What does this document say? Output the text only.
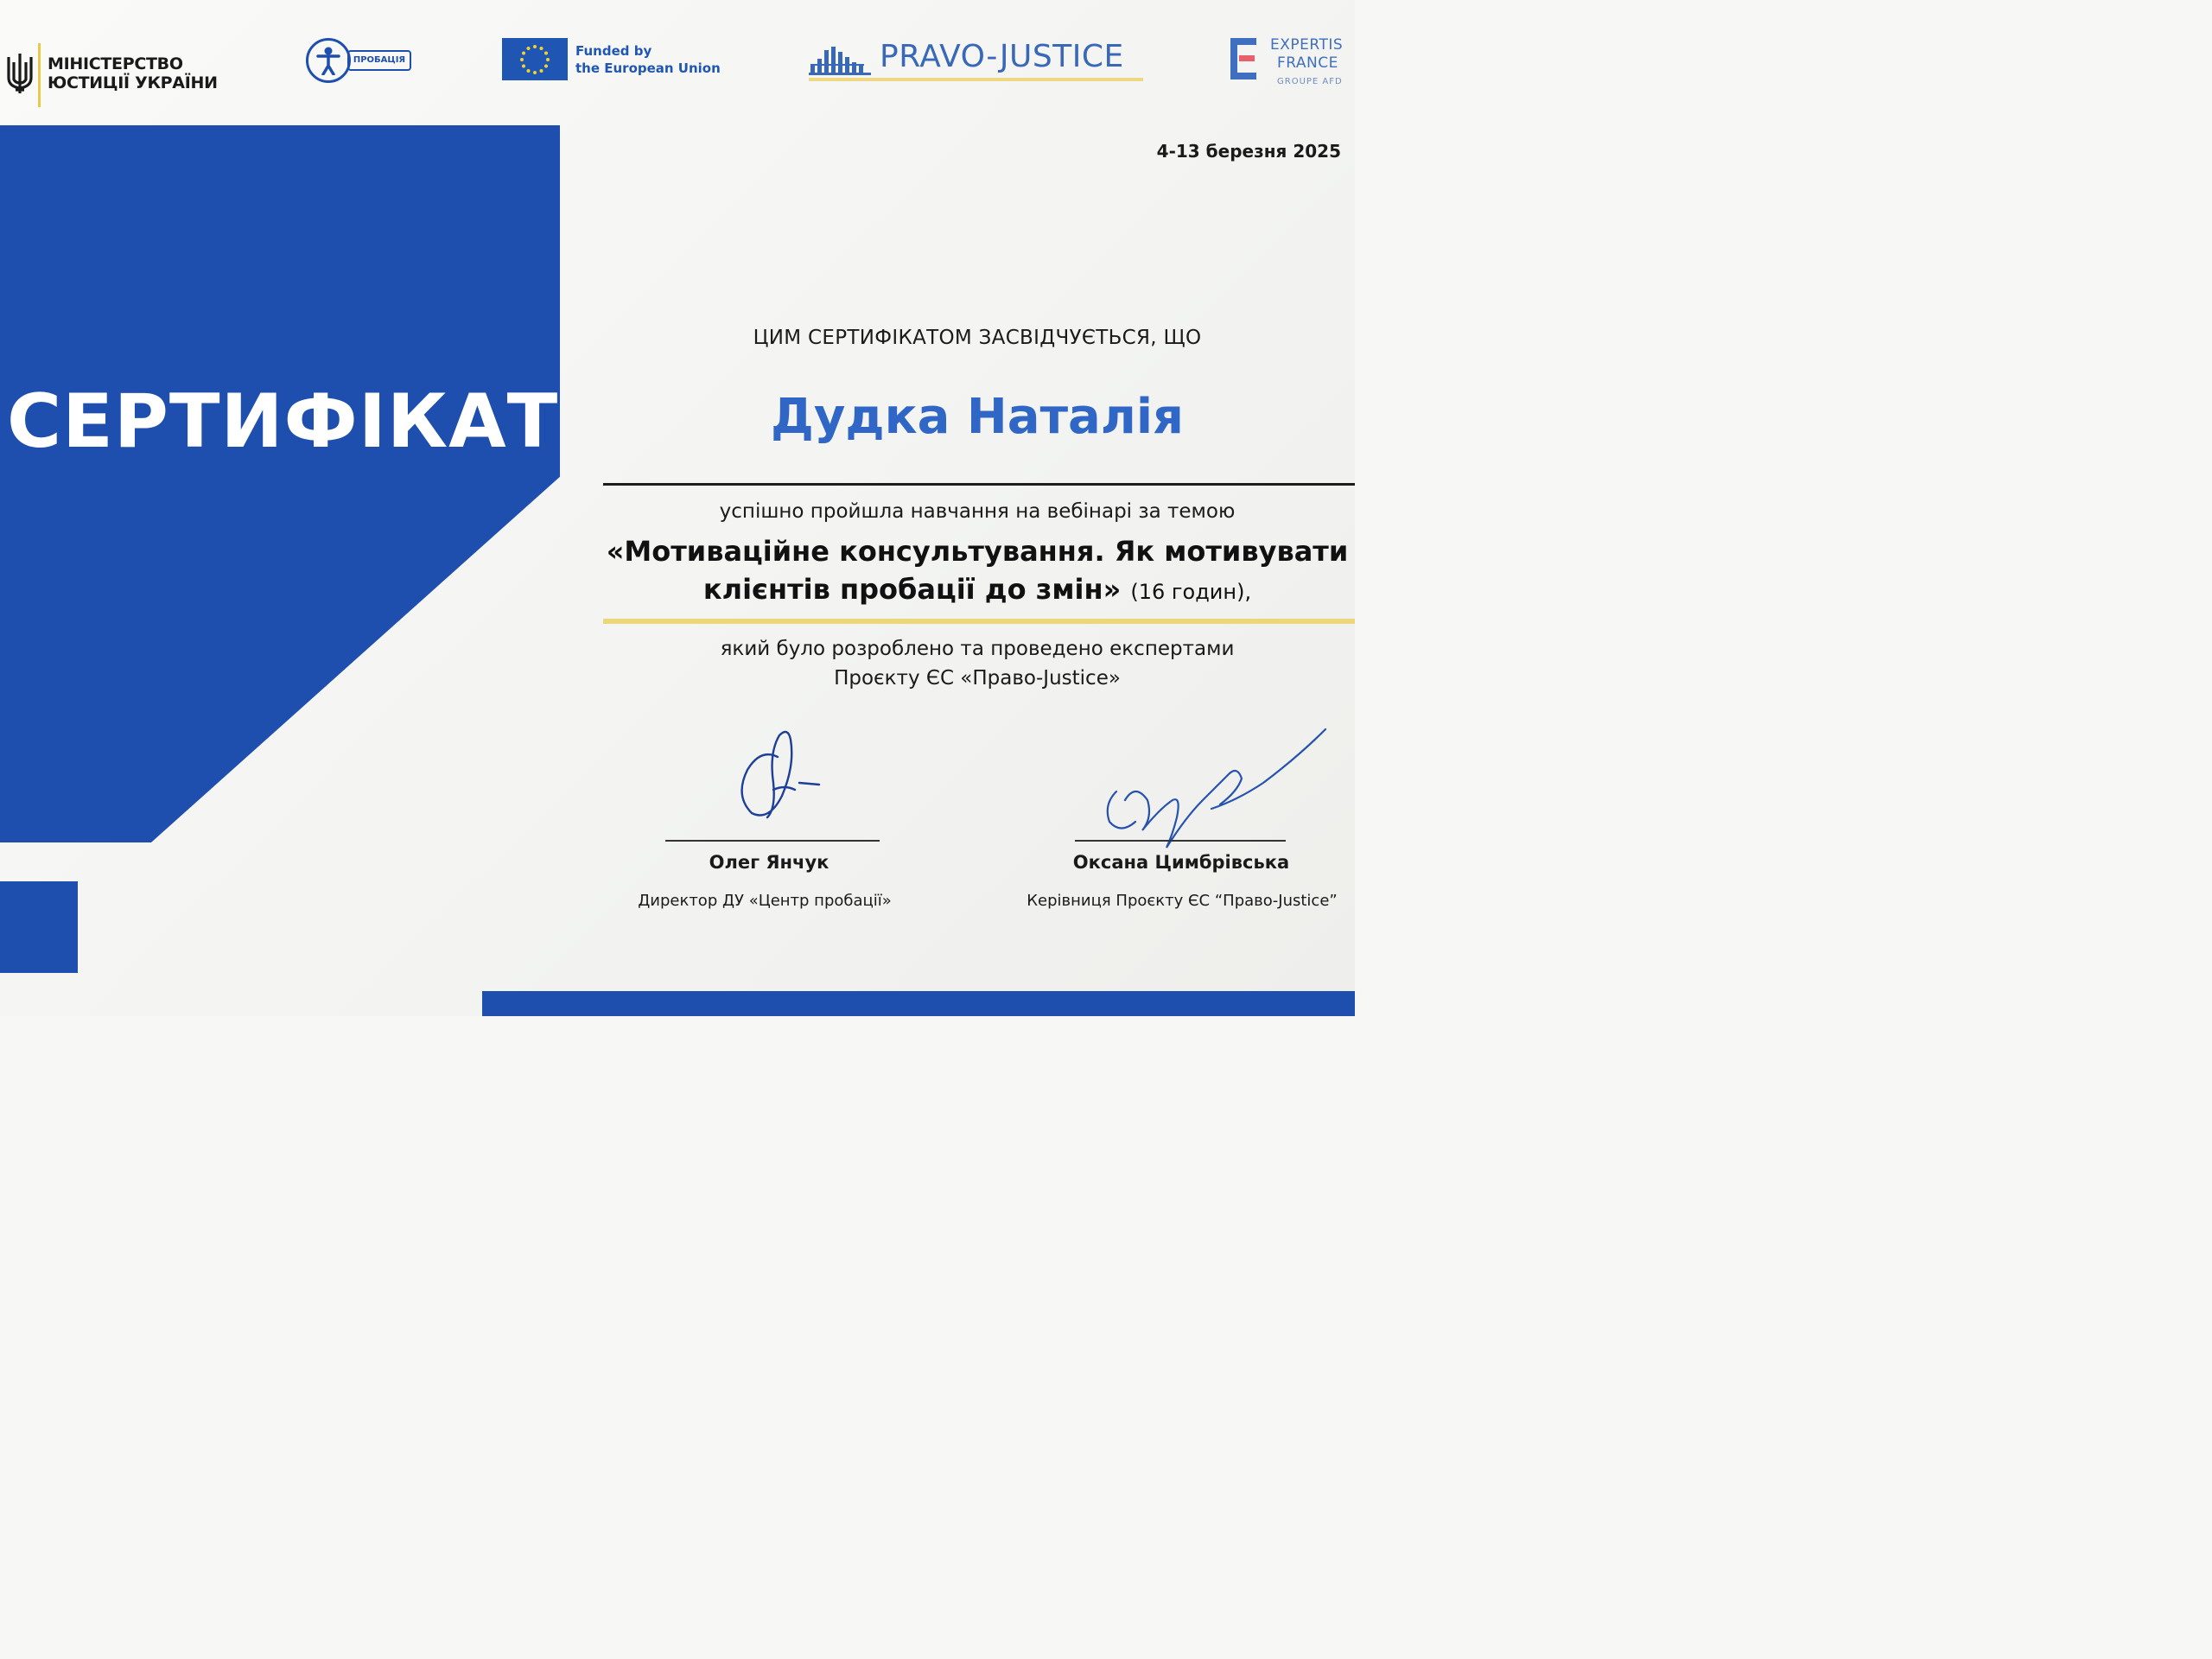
СЕРТИФІКАТ
МІНІСТЕРСТВО
ЮСТИЦІЇ УКРАЇНИ
ПРОБАЦІЯ
Funded by
the European Union	PRAVO-JUSTICE	EXPERTIS
FRANCE
GROUPE AFD
4-13 березня 2025
ЦИМ СЕРТИФІКАТОМ ЗАСВІДЧУЄТЬСЯ, ЩО
Дудка Наталія
успішно пройшла навчання на вебінарі за темою
«Мотиваційне консультування. Як мотивувати
клієнтів пробації до змін» (16 годин),
який було розроблено та проведено експертами
Проєкту ЄС «Право-Justice»
Олег Янчук
Директор ДУ «Центр пробації»
Оксана Цимбрівська
Керівниця Проєкту ЄС “Право-Justice”
